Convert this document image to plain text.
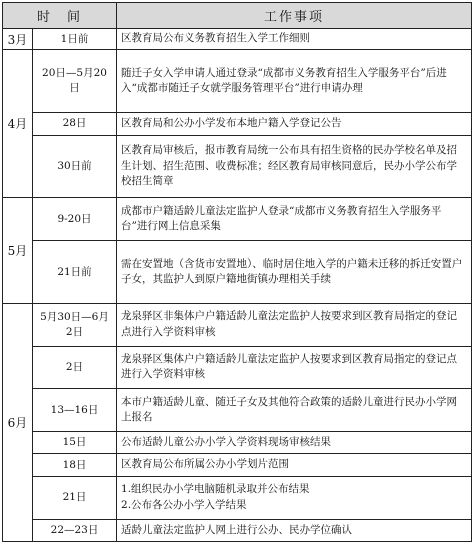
时　间		工作事项
3月	1日前	区教育局公布义务教育招生入学工作细则
4月	20日—5月20日	随迁子女入学申请人通过登录“成都市义务教育招生入学服务平台”后进入“成都市随迁子女就学服务管理平台”进行申请办理
	28日	区教育局和公办小学发布本地户籍入学登记公告
	30日前	区教育局审核后，报市教育局统一公布具有招生资格的民办学校名单及招生计划、招生范围、收费标准；经区教育局审核同意后，民办小学公布学校招生简章
5月	9-20日	成都市户籍适龄儿童法定监护人登录“成都市义务教育招生入学服务平台”进行网上信息采集
	21日前	需在安置地（含货市安置地）、临时居住地入学的户籍未迁移的拆迁安置户子女，其监护人到原户籍地街镇办理相关手续
6月	5月30日—6月2日	龙泉驿区非集体户户籍适龄儿童法定监护人按要求到区教育局指定的登记点进行入学资料审核
	2日	龙泉驿区集体户户籍适龄儿童法定监护人按要求到区教育局指定的登记点进行入学资料审核
	13—16日	本市户籍适龄儿童、随迁子女及其他符合政策的适龄儿童进行民办小学网上报名
	15日	公布适龄儿童公办小学入学资料现场审核结果
	18日	区教育局公布所属公办小学划片范围
	21日	1.组织民办小学电脑随机录取并公布结果
2.公布各公办小学入学结果
	22—23日	适龄儿童法定监护人网上进行公办、民办学位确认
